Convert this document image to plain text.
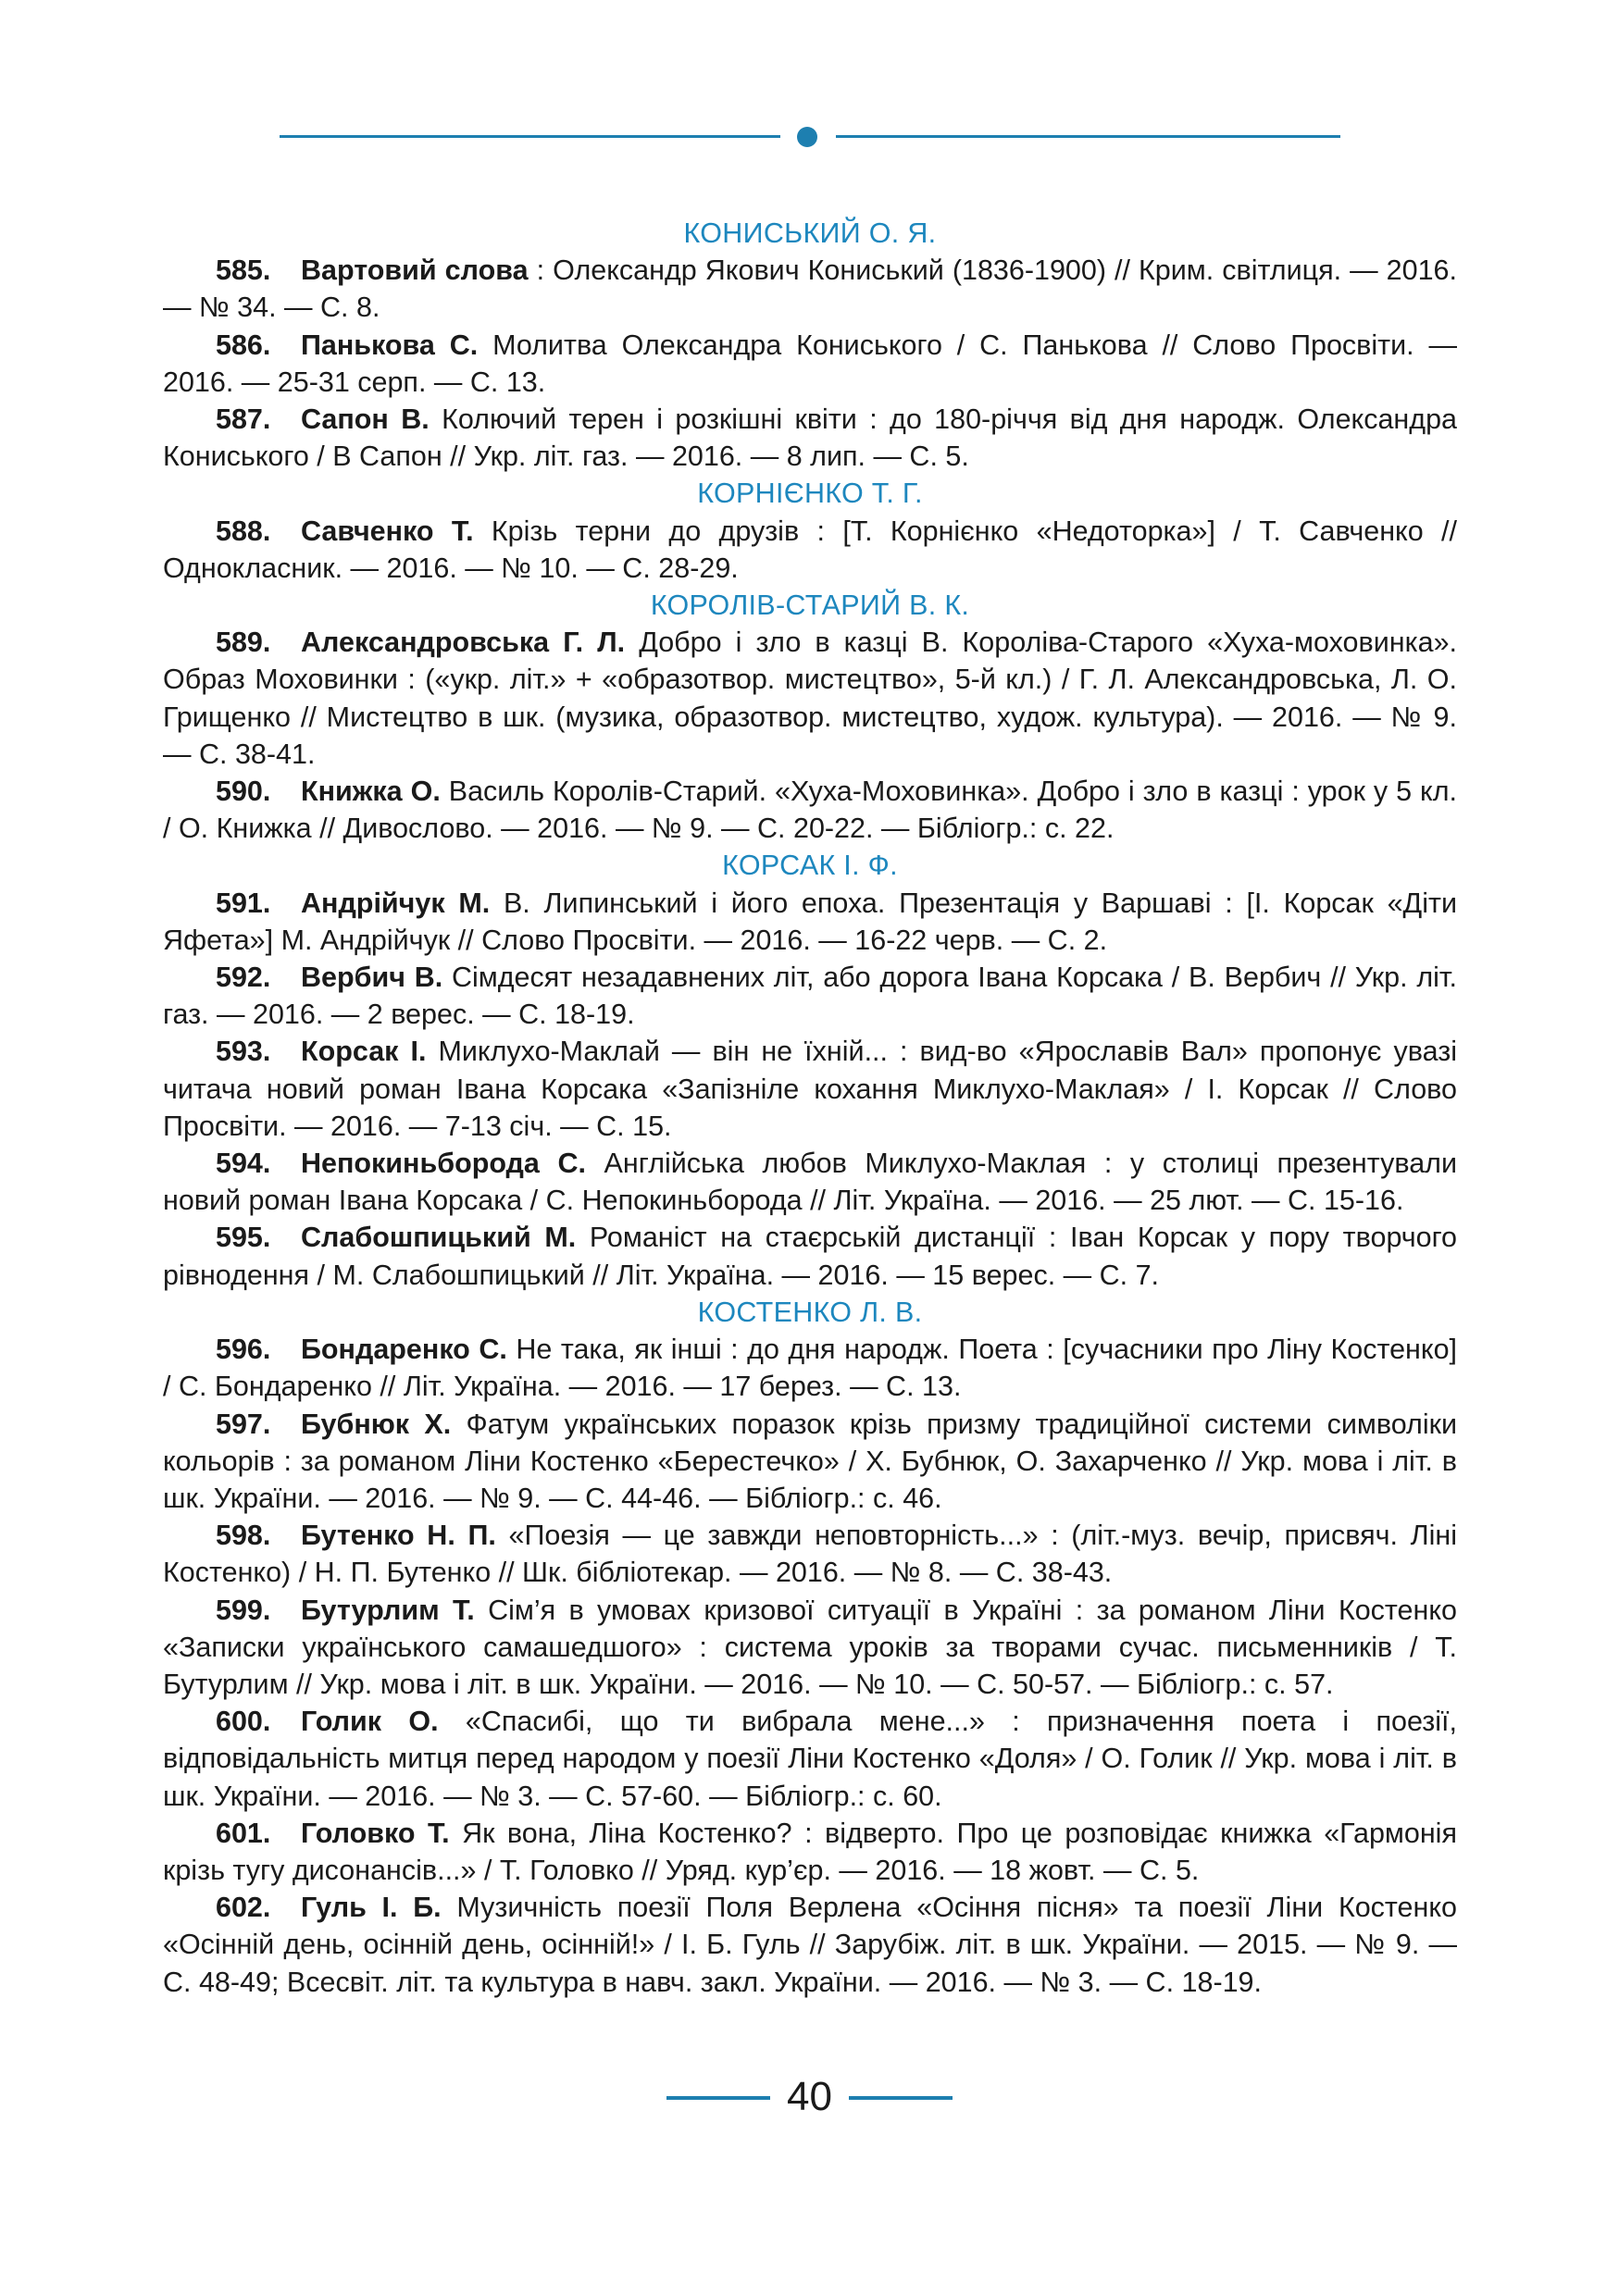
КОНИСЬКИЙ О. Я.

585. Вартовий слова : Олександр Якович Кониський (1836-1900) // Крим. світлиця. — 2016. — № 34. — С. 8.

586. Панькова С. Молитва Олександра Кониського / С. Панькова // Слово Просвіти. — 2016. — 25-31 серп. — С. 13.

587. Сапон В. Колючий терен і розкішні квіти : до 180-річчя від дня народж. Олександра Кониського / В Сапон // Укр. літ. газ. — 2016. — 8 лип. — С. 5.

КОРНІЄНКО Т. Г.

588. Савченко Т. Крізь терни до друзів : [Т. Корнієнко «Недоторка»] / Т. Савченко // Однокласник. — 2016. — № 10. — С. 28-29.

КОРОЛІВ-СТАРИЙ В. К.

589. Александровська Г. Л. Добро і зло в казці В. Короліва-Старого «Хуха-моховинка». Образ Моховинки : («укр. літ.» + «образотвор. мистецтво», 5-й кл.) / Г. Л. Александровська, Л. О. Грищенко // Мистецтво в шк. (музика, образотвор. мистецтво, худож. культура). — 2016. — № 9. — С. 38-41.

590. Книжка О. Василь Королів-Старий. «Хуха-Моховинка». Добро і зло в казці : урок у 5 кл. / О. Книжка // Дивослово. — 2016. — № 9. — С. 20-22. — Бібліогр.: с. 22.

КОРСАК І. Ф.

591. Андрійчук М. В. Липинський і його епоха. Презентація у Варшаві : [І. Корсак «Діти Яфета»] М. Андрійчук // Слово Просвіти. — 2016. — 16-22 черв. — С. 2.

592. Вербич В. Сімдесят незадавнених літ, або дорога Івана Корсака / В. Вербич // Укр. літ. газ. — 2016. — 2 верес. — С. 18-19.

593. Корсак І. Миклухо-Маклай — він не їхній... : вид-во «Ярославів Вал» пропонує увазі читача новий роман Івана Корсака «Запізніле кохання Миклухо-Маклая» / І. Корсак // Слово Просвіти. — 2016. — 7-13 січ. — С. 15.

594. Непокиньборода С. Англійська любов Миклухо-Маклая : у столиці презентували новий роман Івана Корсака / С. Непокиньборода // Літ. Україна. — 2016. — 25 лют. — С. 15-16.

595. Слабошпицький М. Романіст на стаєрській дистанції : Іван Корсак у пору творчого рівнодення / М. Слабошпицький // Літ. Україна. — 2016. — 15 верес. — С. 7.

КОСТЕНКО Л. В.

596. Бондаренко С. Не така, як інші : до дня народж. Поета : [сучасники про Ліну Костенко] / С. Бондаренко // Літ. Україна. — 2016. — 17 берез. — С. 13.

597. Бубнюк Х. Фатум українських поразок крізь призму традиційної системи символіки кольорів : за романом Ліни Костенко «Берестечко» / Х. Бубнюк, О. Захарченко // Укр. мова і літ. в шк. України. — 2016. — № 9. — С. 44-46. — Бібліогр.: с. 46.

598. Бутенко Н. П. «Поезія — це завжди неповторність...» : (літ.-муз. вечір, присвяч. Ліні Костенко) / Н. П. Бутенко // Шк. бібліотекар. — 2016. — № 8. — С. 38-43.

599. Бутурлим Т. Сім’я в умовах кризової ситуації в Україні : за романом Ліни Костенко «Записки українського самашедшого» : система уроків за творами сучас. письменників / Т. Бутурлим // Укр. мова і літ. в шк. України. — 2016. — № 10. — С. 50-57. — Бібліогр.: с. 57.

600. Голик О. «Спасибі, що ти вибрала мене...» : призначення поета і поезії, відповідальність митця перед народом у поезії Ліни Костенко «Доля» / О. Голик // Укр. мова і літ. в шк. України. — 2016. — № 3. — С. 57-60. — Бібліогр.: с. 60.

601. Головко Т. Як вона, Ліна Костенко? : відверто. Про це розповідає книжка «Гармонія крізь тугу дисонансів...» / Т. Головко // Уряд. кур’єр. — 2016. — 18 жовт. — С. 5.

602. Гуль І. Б. Музичність поезії Поля Верлена «Осіння пісня» та поезії Ліни Костенко «Осінній день, осінній день, осінній!» / І. Б. Гуль // Зарубіж. літ. в шк. України. — 2015. — № 9. — С. 48-49; Всесвіт. літ. та культура в навч. закл. України. — 2016. — № 3. — С. 18-19.

40
